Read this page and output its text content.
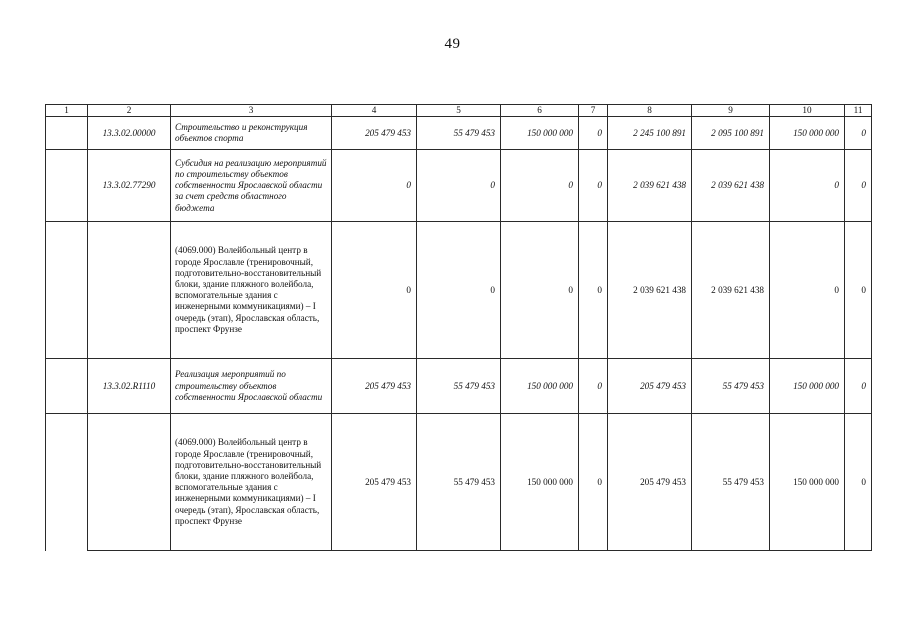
49
1	2	3	4	5	6	7	8	9	10	11
	13.3.02.00000	Строительство и реконструкция объектов спорта	205 479 453	55 479 453	150 000 000	0	2 245 100 891	2 095 100 891	150 000 000	0
	13.3.02.77290	Субсидия на реализацию мероприятий по строительству объектов собственности Ярославской области за счет средств областного бюджета	0	0	0	0	2 039 621 438	2 039 621 438	0	0
		(4069.000) Волейбольный центр в городе Ярославле (тренировочный, подготовительно-восстановительный блоки, здание пляжного волейбола, вспомогательные здания с инженерными коммуникациями) – I очередь (этап), Ярославская область, проспект Фрунзе	0	0	0	0	2 039 621 438	2 039 621 438	0	0
	13.3.02.R1110	Реализация мероприятий по строительству объектов собственности Ярославской области	205 479 453	55 479 453	150 000 000	0	205 479 453	55 479 453	150 000 000	0
		(4069.000) Волейбольный центр в городе Ярославле (тренировочный, подготовительно-восстановительный блоки, здание пляжного волейбола, вспомогательные здания с инженерными коммуникациями) – I очередь (этап), Ярославская область, проспект Фрунзе	205 479 453	55 479 453	150 000 000	0	205 479 453	55 479 453	150 000 000	0
